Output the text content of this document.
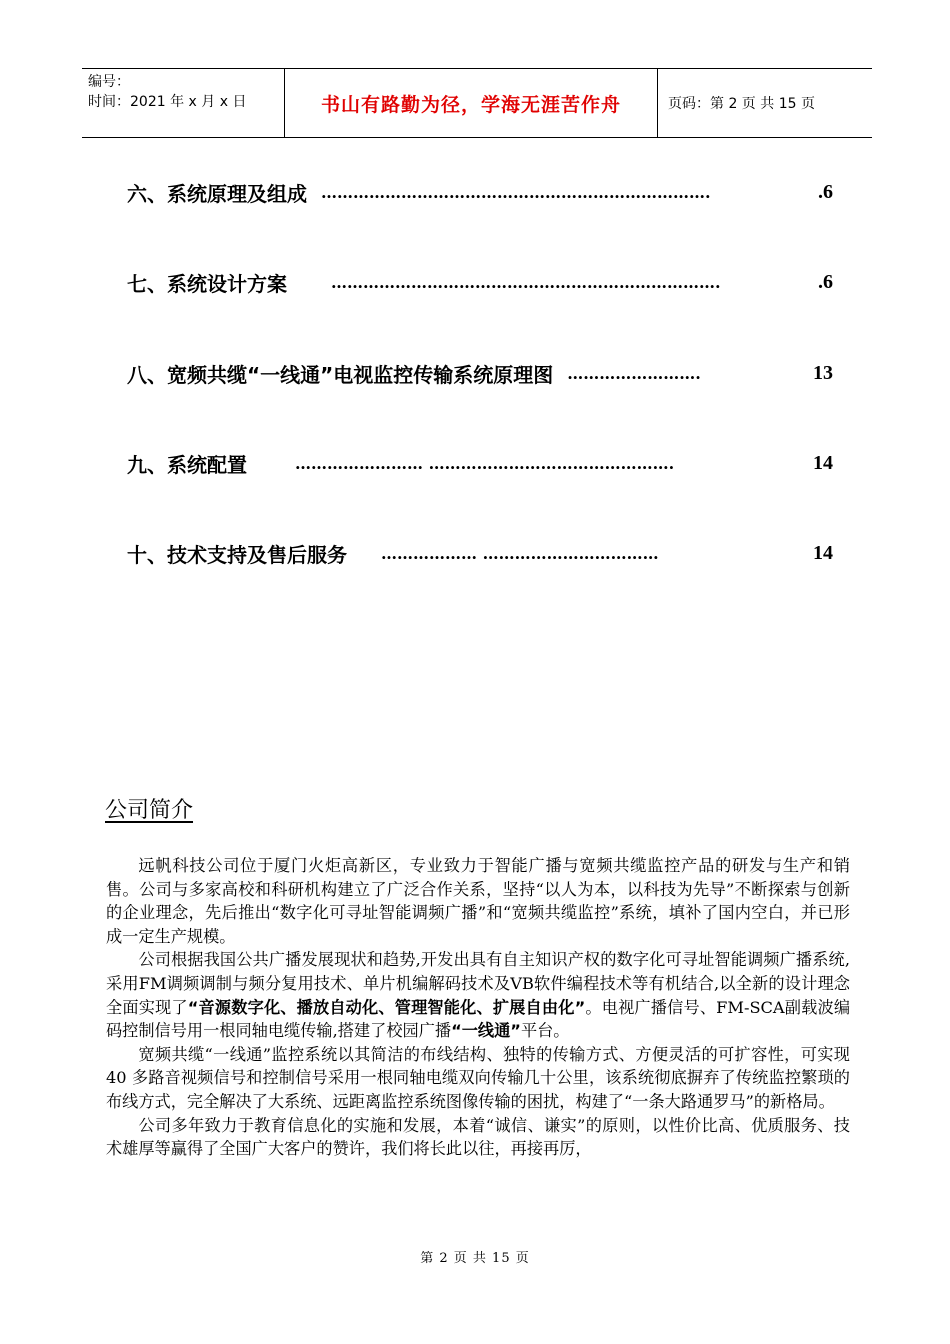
编号：
时间：2021 年 x 月 x 日	书山有路勤为径，学海无涯苦作舟	页码：第 2 页 共 15 页
六、系统原理及组成 ……………………………………………………………….	.6
七、系统设计方案	……………………………………………………………….	.6
八、宽频共缆“一线通”电视监控传输系统原理图 …………………….	13
九、系统配置	…………………… ……………………………………….	14
十、技术支持及售后服务 ……………… ……………………………	14
公司简介

远帆科技公司位于厦门火炬高新区，专业致力于智能广播与宽频共缆监控产品的研发与生产和销售。公司与多家高校和科研机构建立了广泛合作关系，坚持“以人为本，以科技为先导”不断探索与创新的企业理念，先后推出“数字化可寻址智能调频广播”和“宽频共缆监控”系统，填补了国内空白，并已形成一定生产规模。

公司根据我国公共广播发展现状和趋势,开发出具有自主知识产权的数字化可寻址智能调频广播系统,采用FM调频调制与频分复用技术、单片机编解码技术及VB软件编程技术等有机结合,以全新的设计理念全面实现了“音源数字化、播放自动化、管理智能化、扩展自由化”。电视广播信号、FM-SCA副载波编码控制信号用一根同轴电缆传输,搭建了校园广播“一线通”平台。

宽频共缆“一线通”监控系统以其简洁的布线结构、独特的传输方式、方便灵活的可扩容性，可实现 40 多路音视频信号和控制信号采用一根同轴电缆双向传输几十公里，该系统彻底摒弃了传统监控繁琐的布线方式，完全解决了大系统、远距离监控系统图像传输的困扰，构建了“一条大路通罗马”的新格局。

公司多年致力于教育信息化的实施和发展，本着“诚信、谦实”的原则，以性价比高、优质服务、技术雄厚等赢得了全国广大客户的赞许，我们将长此以往，再接再厉，

第 2 页 共 15 页
